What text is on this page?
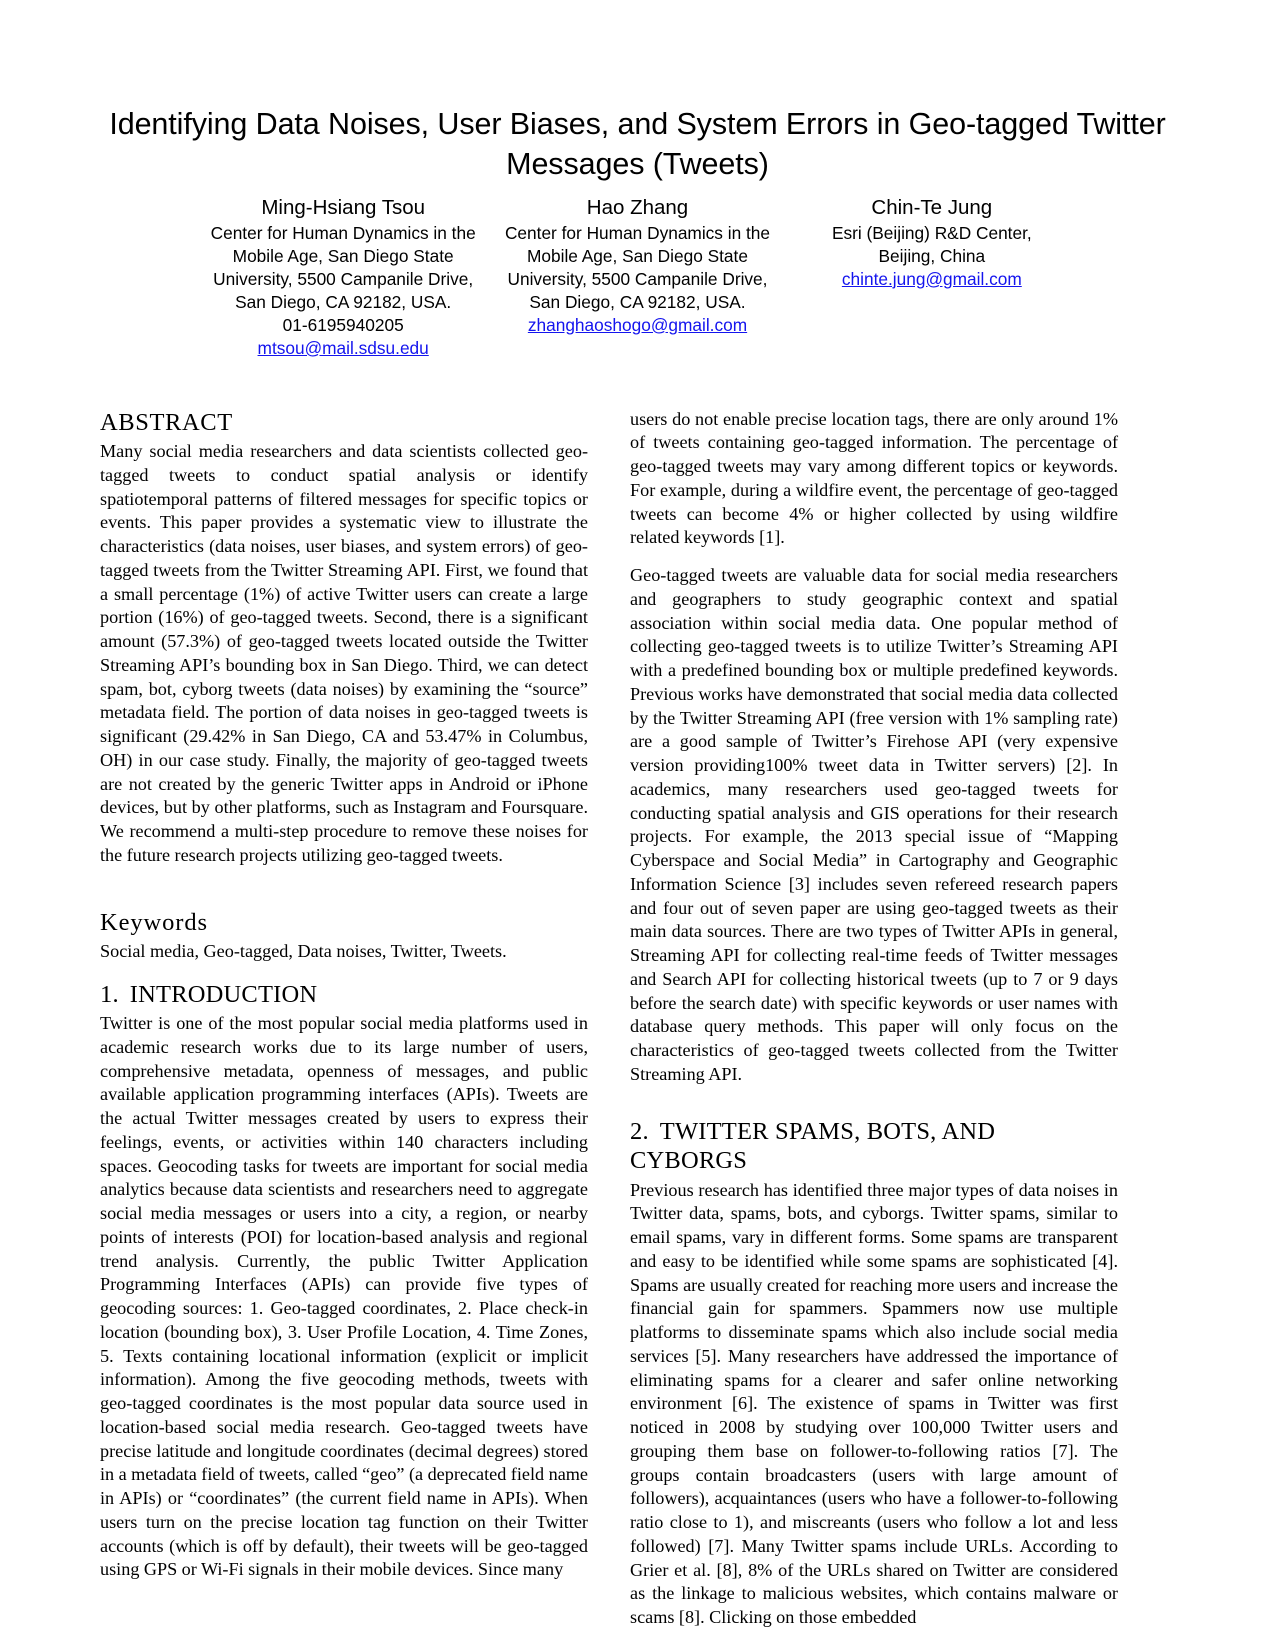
Identifying Data Noises, User Biases, and System Errors in Geo-tagged Twitter Messages (Tweets)
Ming-Hsiang Tsou
Center for Human Dynamics in the
Mobile Age, San Diego State
University, 5500 Campanile Drive,
San Diego, CA 92182, USA.
01-6195940205
mtsou@mail.sdsu.edu
Hao Zhang
Center for Human Dynamics in the
Mobile Age, San Diego State
University, 5500 Campanile Drive,
San Diego, CA 92182, USA.
zhanghaoshogo@gmail.com
Chin-Te Jung
Esri (Beijing) R&D Center,
Beijing, China
chinte.jung@gmail.com
ABSTRACT

Many social media researchers and data scientists collected geo-tagged tweets to conduct spatial analysis or identify spatiotemporal patterns of filtered messages for specific topics or events. This paper provides a systematic view to illustrate the characteristics (data noises, user biases, and system errors) of geo-tagged tweets from the Twitter Streaming API. First, we found that a small percentage (1%) of active Twitter users can create a large portion (16%) of geo-tagged tweets. Second, there is a significant amount (57.3%) of geo-tagged tweets located outside the Twitter Streaming API’s bounding box in San Diego. Third, we can detect spam, bot, cyborg tweets (data noises) by examining the “source” metadata field. The portion of data noises in geo-tagged tweets is significant (29.42% in San Diego, CA and 53.47% in Columbus, OH) in our case study. Finally, the majority of geo-tagged tweets are not created by the generic Twitter apps in Android or iPhone devices, but by other platforms, such as Instagram and Foursquare. We recommend a multi-step procedure to remove these noises for the future research projects utilizing geo-tagged tweets.

Keywords

Social media, Geo-tagged, Data noises, Twitter, Tweets.

1. INTRODUCTION

Twitter is one of the most popular social media platforms used in academic research works due to its large number of users, comprehensive metadata, openness of messages, and public available application programming interfaces (APIs). Tweets are the actual Twitter messages created by users to express their feelings, events, or activities within 140 characters including spaces. Geocoding tasks for tweets are important for social media analytics because data scientists and researchers need to aggregate social media messages or users into a city, a region, or nearby points of interests (POI) for location-based analysis and regional trend analysis. Currently, the public Twitter Application Programming Interfaces (APIs) can provide five types of geocoding sources: 1. Geo-tagged coordinates, 2. Place check-in location (bounding box), 3. User Profile Location, 4. Time Zones, 5. Texts containing locational information (explicit or implicit information). Among the five geocoding methods, tweets with geo-tagged coordinates is the most popular data source used in location-based social media research. Geo-tagged tweets have precise latitude and longitude coordinates (decimal degrees) stored in a metadata field of tweets, called “geo” (a deprecated field name in APIs) or “coordinates” (the current field name in APIs). When users turn on the precise location tag function on their Twitter accounts (which is off by default), their tweets will be geo-tagged using GPS or Wi-Fi signals in their mobile devices. Since many

users do not enable precise location tags, there are only around 1% of tweets containing geo-tagged information. The percentage of geo-tagged tweets may vary among different topics or keywords. For example, during a wildfire event, the percentage of geo-tagged tweets can become 4% or higher collected by using wildfire related keywords [1].

Geo-tagged tweets are valuable data for social media researchers and geographers to study geographic context and spatial association within social media data. One popular method of collecting geo-tagged tweets is to utilize Twitter’s Streaming API with a predefined bounding box or multiple predefined keywords. Previous works have demonstrated that social media data collected by the Twitter Streaming API (free version with 1% sampling rate) are a good sample of Twitter’s Firehose API (very expensive version providing100% tweet data in Twitter servers) [2]. In academics, many researchers used geo-tagged tweets for conducting spatial analysis and GIS operations for their research projects. For example, the 2013 special issue of “Mapping Cyberspace and Social Media” in Cartography and Geographic Information Science [3] includes seven refereed research papers and four out of seven paper are using geo-tagged tweets as their main data sources. There are two types of Twitter APIs in general, Streaming API for collecting real-time feeds of Twitter messages and Search API for collecting historical tweets (up to 7 or 9 days before the search date) with specific keywords or user names with database query methods. This paper will only focus on the characteristics of geo-tagged tweets collected from the Twitter Streaming API.

2. TWITTER SPAMS, BOTS, AND CYBORGS

Previous research has identified three major types of data noises in Twitter data, spams, bots, and cyborgs. Twitter spams, similar to email spams, vary in different forms. Some spams are transparent and easy to be identified while some spams are sophisticated [4]. Spams are usually created for reaching more users and increase the financial gain for spammers. Spammers now use multiple platforms to disseminate spams which also include social media services [5]. Many researchers have addressed the importance of eliminating spams for a clearer and safer online networking environment [6]. The existence of spams in Twitter was first noticed in 2008 by studying over 100,000 Twitter users and grouping them base on follower-to-following ratios [7]. The groups contain broadcasters (users with large amount of followers), acquaintances (users who have a follower-to-following ratio close to 1), and miscreants (users who follow a lot and less followed) [7]. Many Twitter spams include URLs. According to Grier et al. [8], 8% of the URLs shared on Twitter are considered as the linkage to malicious websites, which contains malware or scams [8]. Clicking on those embedded
